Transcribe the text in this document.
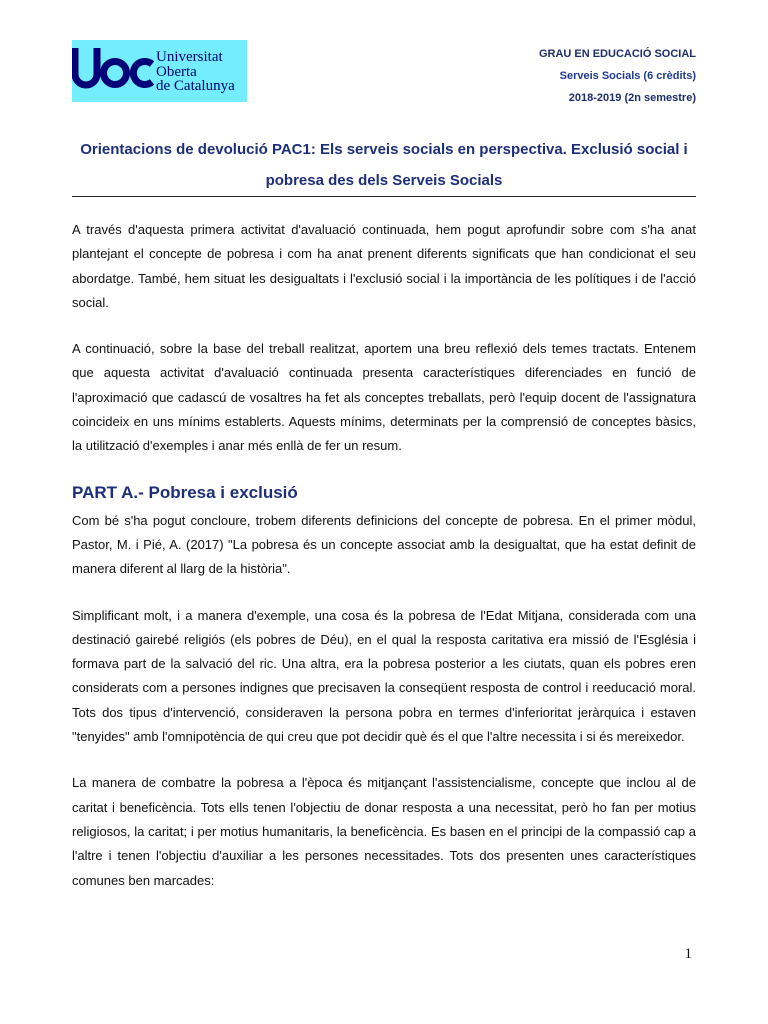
Universitat
Oberta
de Catalunya
GRAU EN EDUCACIÓ SOCIAL
Serveis Socials (6 crèdits)
2018-2019 (2n semestre)
Orientacions de devolució PAC1: Els serveis socials en perspectiva. Exclusió social i pobresa des dels Serveis Socials

A través d'aquesta primera activitat d'avaluació continuada, hem pogut aprofundir sobre com s'ha anat plantejant el concepte de pobresa i com ha anat prenent diferents significats que han condicionat el seu abordatge. També, hem situat les desigualtats i l'exclusió social i la importància de les polítiques i de l'acció social.

A continuació, sobre la base del treball realitzat, aportem una breu reflexió dels temes tractats. Entenem que aquesta activitat d'avaluació continuada presenta característiques diferenciades en funció de l'aproximació que cadascú de vosaltres ha fet als conceptes treballats, però l'equip docent de l'assignatura coincideix en uns mínims establerts. Aquests mínims, determinats per la comprensió de conceptes bàsics, la utilització d'exemples i anar més enllà de fer un resum.

PART A.- Pobresa i exclusió

Com bé s'ha pogut concloure, trobem diferents definicions del concepte de pobresa. En el primer mòdul, Pastor, M. i Pié, A. (2017) "La pobresa és un concepte associat amb la desigualtat, que ha estat definit de manera diferent al llarg de la història".

Simplificant molt, i a manera d'exemple, una cosa és la pobresa de l'Edat Mitjana, considerada com una destinació gairebé religiós (els pobres de Déu), en el qual la resposta caritativa era missió de l'Església i formava part de la salvació del ric. Una altra, era la pobresa posterior a les ciutats, quan els pobres eren considerats com a persones indignes que precisaven la conseqüent resposta de control i reeducació moral. Tots dos tipus d'intervenció, consideraven la persona pobra en termes d'inferioritat jeràrquica i estaven "tenyides" amb l'omnipotència de qui creu que pot decidir què és el que l'altre necessita i si és mereixedor.

La manera de combatre la pobresa a l'època és mitjançant l'assistencialisme, concepte que inclou al de caritat i beneficència. Tots ells tenen l'objectiu de donar resposta a una necessitat, però ho fan per motius religiosos, la caritat; i per motius humanitaris, la beneficència. Es basen en el principi de la compassió cap a l'altre i tenen l'objectiu d'auxiliar a les persones necessitades. Tots dos presenten unes característiques comunes ben marcades:

1
